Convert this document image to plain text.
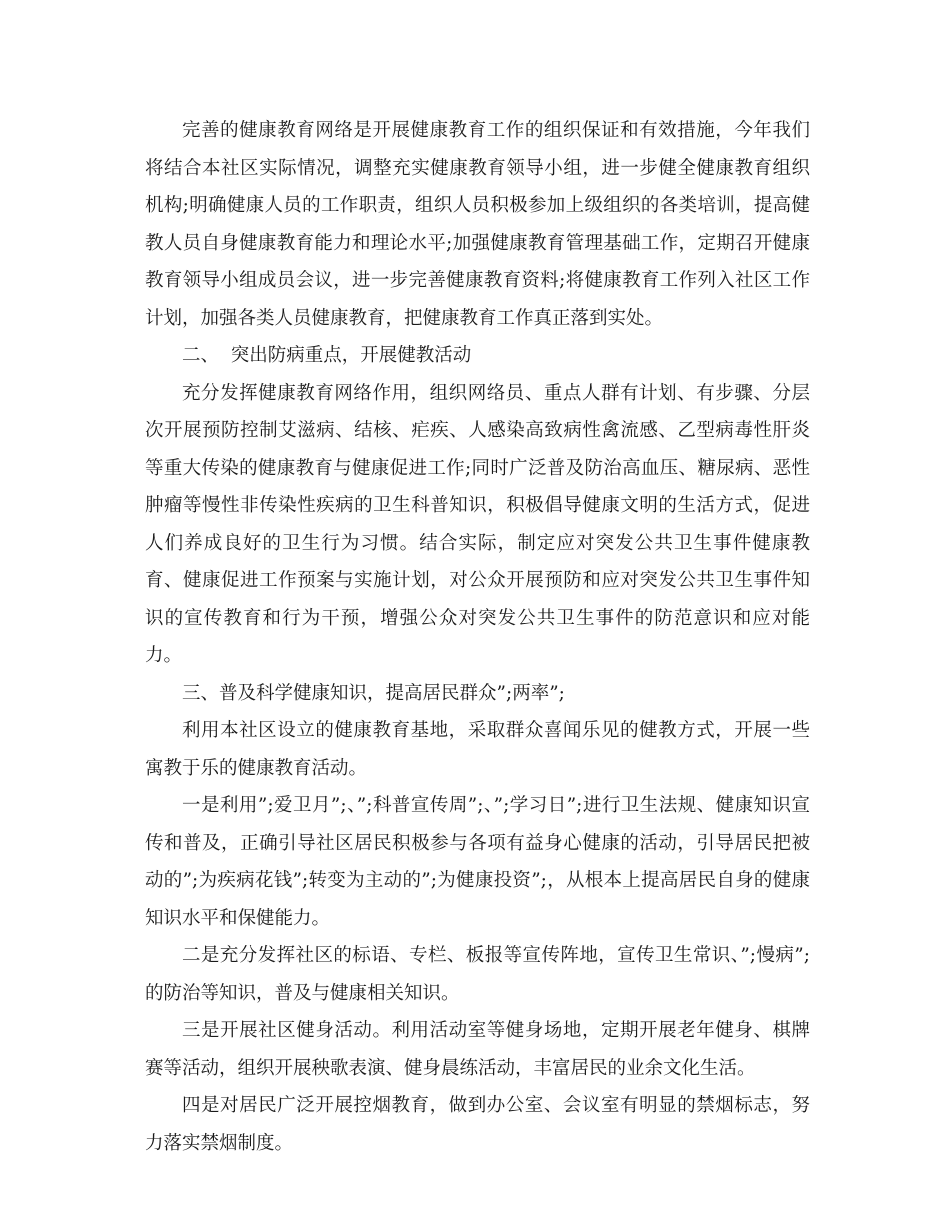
完善的健康教育网络是开展健康教育工作的组织保证和有效措施，今年我们将结合本社区实际情况，调整充实健康教育领导小组，进一步健全健康教育组织机构;明确健康人员的工作职责，组织人员积极参加上级组织的各类培训，提高健教人员自身健康教育能力和理论水平;加强健康教育管理基础工作，定期召开健康教育领导小组成员会议，进一步完善健康教育资料;将健康教育工作列入社区工作计划，加强各类人员健康教育，把健康教育工作真正落到实处。

二、  突出防病重点，开展健教活动

充分发挥健康教育网络作用，组织网络员、重点人群有计划、有步骤、分层次开展预防控制艾滋病、结核、疟疾、人感染高致病性禽流感、乙型病毒性肝炎等重大传染的健康教育与健康促进工作;同时广泛普及防治高血压、糖尿病、恶性肿瘤等慢性非传染性疾病的卫生科普知识，积极倡导健康文明的生活方式，促进人们养成良好的卫生行为习惯。结合实际，制定应对突发公共卫生事件健康教育、健康促进工作预案与实施计划，对公众开展预防和应对突发公共卫生事件知识的宣传教育和行为干预，增强公众对突发公共卫生事件的防范意识和应对能力。

三、普及科学健康知识，提高居民群众”;两率”;

利用本社区设立的健康教育基地，采取群众喜闻乐见的健教方式，开展一些寓教于乐的健康教育活动。

一是利用”;爱卫月”;、”;科普宣传周”;、”;学习日”;进行卫生法规、健康知识宣传和普及，正确引导社区居民积极参与各项有益身心健康的活动，引导居民把被动的”;为疾病花钱”;转变为主动的”;为健康投资”;，从根本上提高居民自身的健康知识水平和保健能力。

二是充分发挥社区的标语、专栏、板报等宣传阵地，宣传卫生常识、”;慢病”;的防治等知识，普及与健康相关知识。

三是开展社区健身活动。利用活动室等健身场地，定期开展老年健身、棋牌赛等活动，组织开展秧歌表演、健身晨练活动，丰富居民的业余文化生活。

四是对居民广泛开展控烟教育，做到办公室、会议室有明显的禁烟标志，努力落实禁烟制度。
